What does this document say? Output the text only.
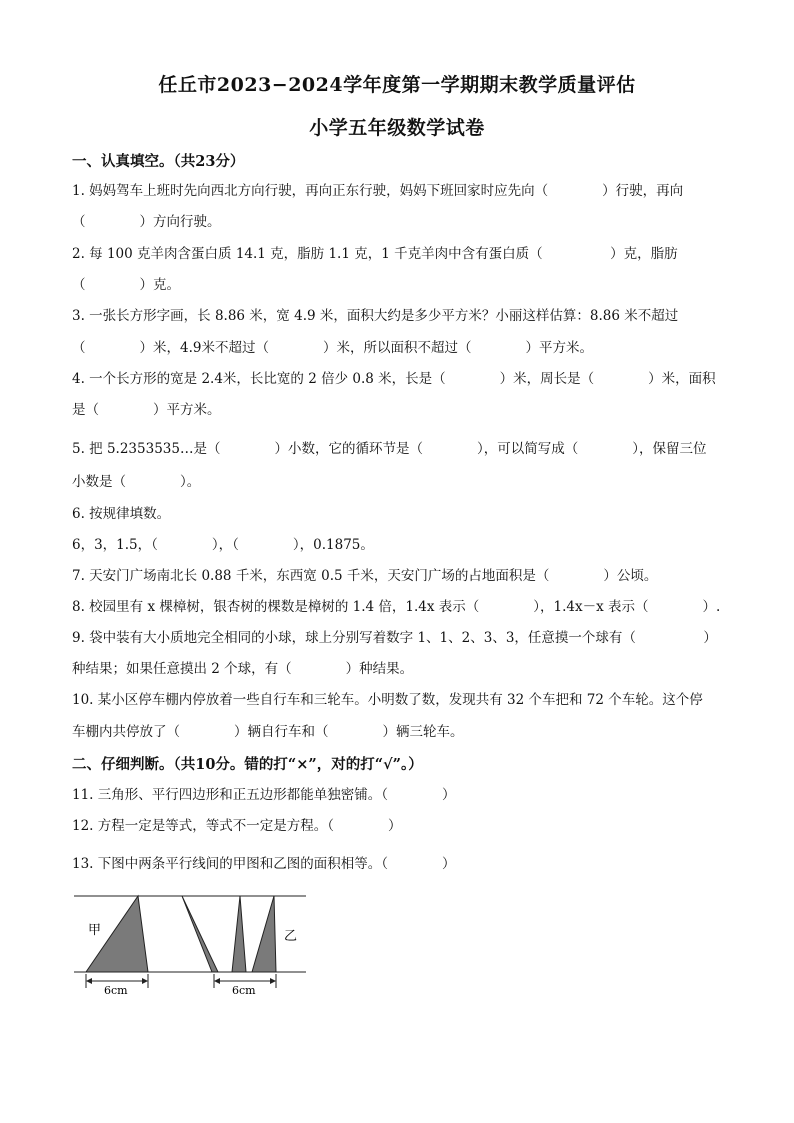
任丘市2023−2024学年度第一学期期末教学质量评估
小学五年级数学试卷
一、认真填空。（共23分）
1. 妈妈驾车上班时先向西北方向行驶，再向正东行驶，妈妈下班回家时应先向（　　　　）行驶，再向
（　　　　）方向行驶。
2. 每 100 克羊肉含蛋白质 14.1 克，脂肪 1.1 克，1 千克羊肉中含有蛋白质（　　　　　）克，脂肪
（　　　　）克。
3. 一张长方形字画，长 8.86 米，宽 4.9 米，面积大约是多少平方米？小丽这样估算：8.86 米不超过
（　　　　）米，4.9米不超过（　　　　）米，所以面积不超过（　　　　）平方米。
4. 一个长方形的宽是 2.4米，长比宽的 2 倍少 0.8 米，长是（　　　　）米，周长是（　　　　）米，面积
是（　　　　）平方米。
5. 把 5.2353535…是（　　　　）小数，它的循环节是（　　　　），可以简写成（　　　　），保留三位
小数是（　　　　）。
6. 按规律填数。
6，3，1.5，（　　　　），（　　　　），0.1875。
7. 天安门广场南北长 0.88 千米，东西宽 0.5 千米，天安门广场的占地面积是（　　　　）公顷。
8. 校园里有 x 棵樟树，银杏树的棵数是樟树的 1.4 倍，1.4x 表示（　　　　），1.4x－x 表示（　　　　）.
9. 袋中装有大小质地完全相同的小球，球上分别写着数字 1、1、2、3、3，任意摸一个球有（　　　　　）
种结果；如果任意摸出 2 个球，有（　　　　）种结果。
10. 某小区停车棚内停放着一些自行车和三轮车。小明数了数，发现共有 32 个车把和 72 个车轮。这个停
车棚内共停放了（　　　　）辆自行车和（　　　　）辆三轮车。
二、仔细判断。（共10分。错的打“×”，对的打“√”。）
11. 三角形、平行四边形和正五边形都能单独密铺。（　　　　）
12. 方程一定是等式，等式不一定是方程。（　　　　）
13. 下图中两条平行线间的甲图和乙图的面积相等。（　　　　）
甲	乙
6cm	6cm
